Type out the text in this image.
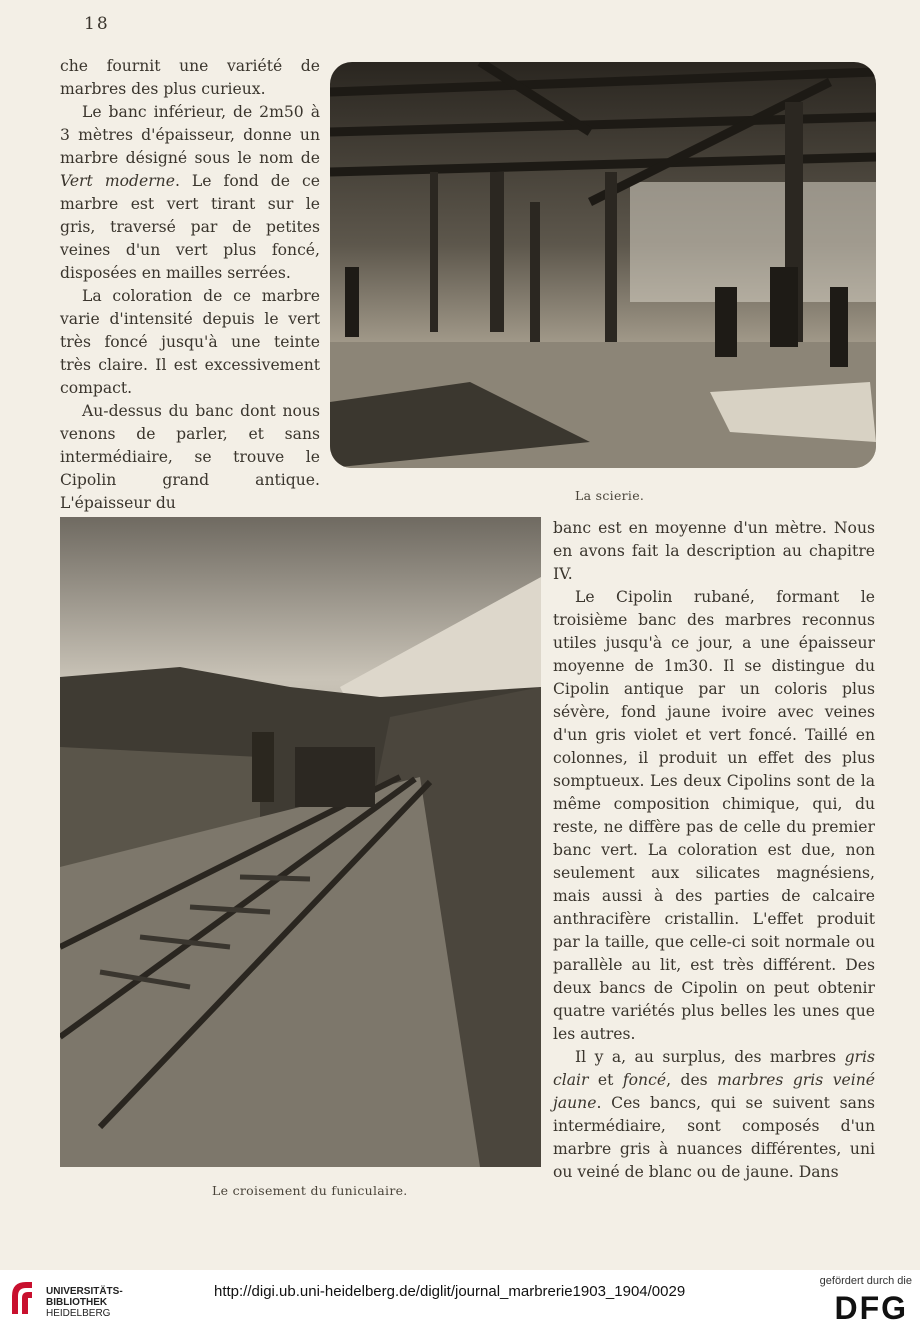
18

che fournit une variété de marbres des plus curieux.

Le banc inférieur, de 2m50 à 3 mètres d'épaisseur, donne un marbre désigné sous le nom de Vert moderne. Le fond de ce marbre est vert tirant sur le gris, traversé par de petites veines d'un vert plus foncé, disposées en mailles serrées.

La coloration de ce marbre varie d'intensité depuis le vert très foncé jusqu'à une teinte très claire. Il est excessivement compact.

Au-dessus du banc dont nous venons de parler, et sans intermédiaire, se trouve le Cipolin grand antique. L'épaisseur du	La scierie.
Le croisement du funiculaire.

banc est en moyenne d'un mètre. Nous en avons fait la description au chapitre IV.

Le Cipolin rubané, formant le troisième banc des marbres reconnus utiles jusqu'à ce jour, a une épaisseur moyenne de 1m30. Il se distingue du Cipolin antique par un coloris plus sévère, fond jaune ivoire avec veines d'un gris violet et vert foncé. Taillé en colonnes, il produit un effet des plus somptueux. Les deux Cipolins sont de la même composition chimique, qui, du reste, ne diffère pas de celle du premier banc vert. La coloration est due, non seulement aux silicates magnésiens, mais aussi à des parties de calcaire anthracifère cristallin. L'effet produit par la taille, que celle-ci soit normale ou parallèle au lit, est très différent. Des deux bancs de Cipolin on peut obtenir quatre variétés plus belles les unes que les autres.

Il y a, au surplus, des marbres gris clair et foncé, des marbres gris veiné jaune. Ces bancs, qui se suivent sans intermédiaire, sont composés d'un marbre gris à nuances différentes, uni ou veiné de blanc ou de jaune. Dans

UNIVERSITÄTS-
BIBLIOTHEK
HEIDELBERG
http://digi.ub.uni-heidelberg.de/diglit/journal_marbrerie1903_1904/0029
gefördert durch die
DFG
